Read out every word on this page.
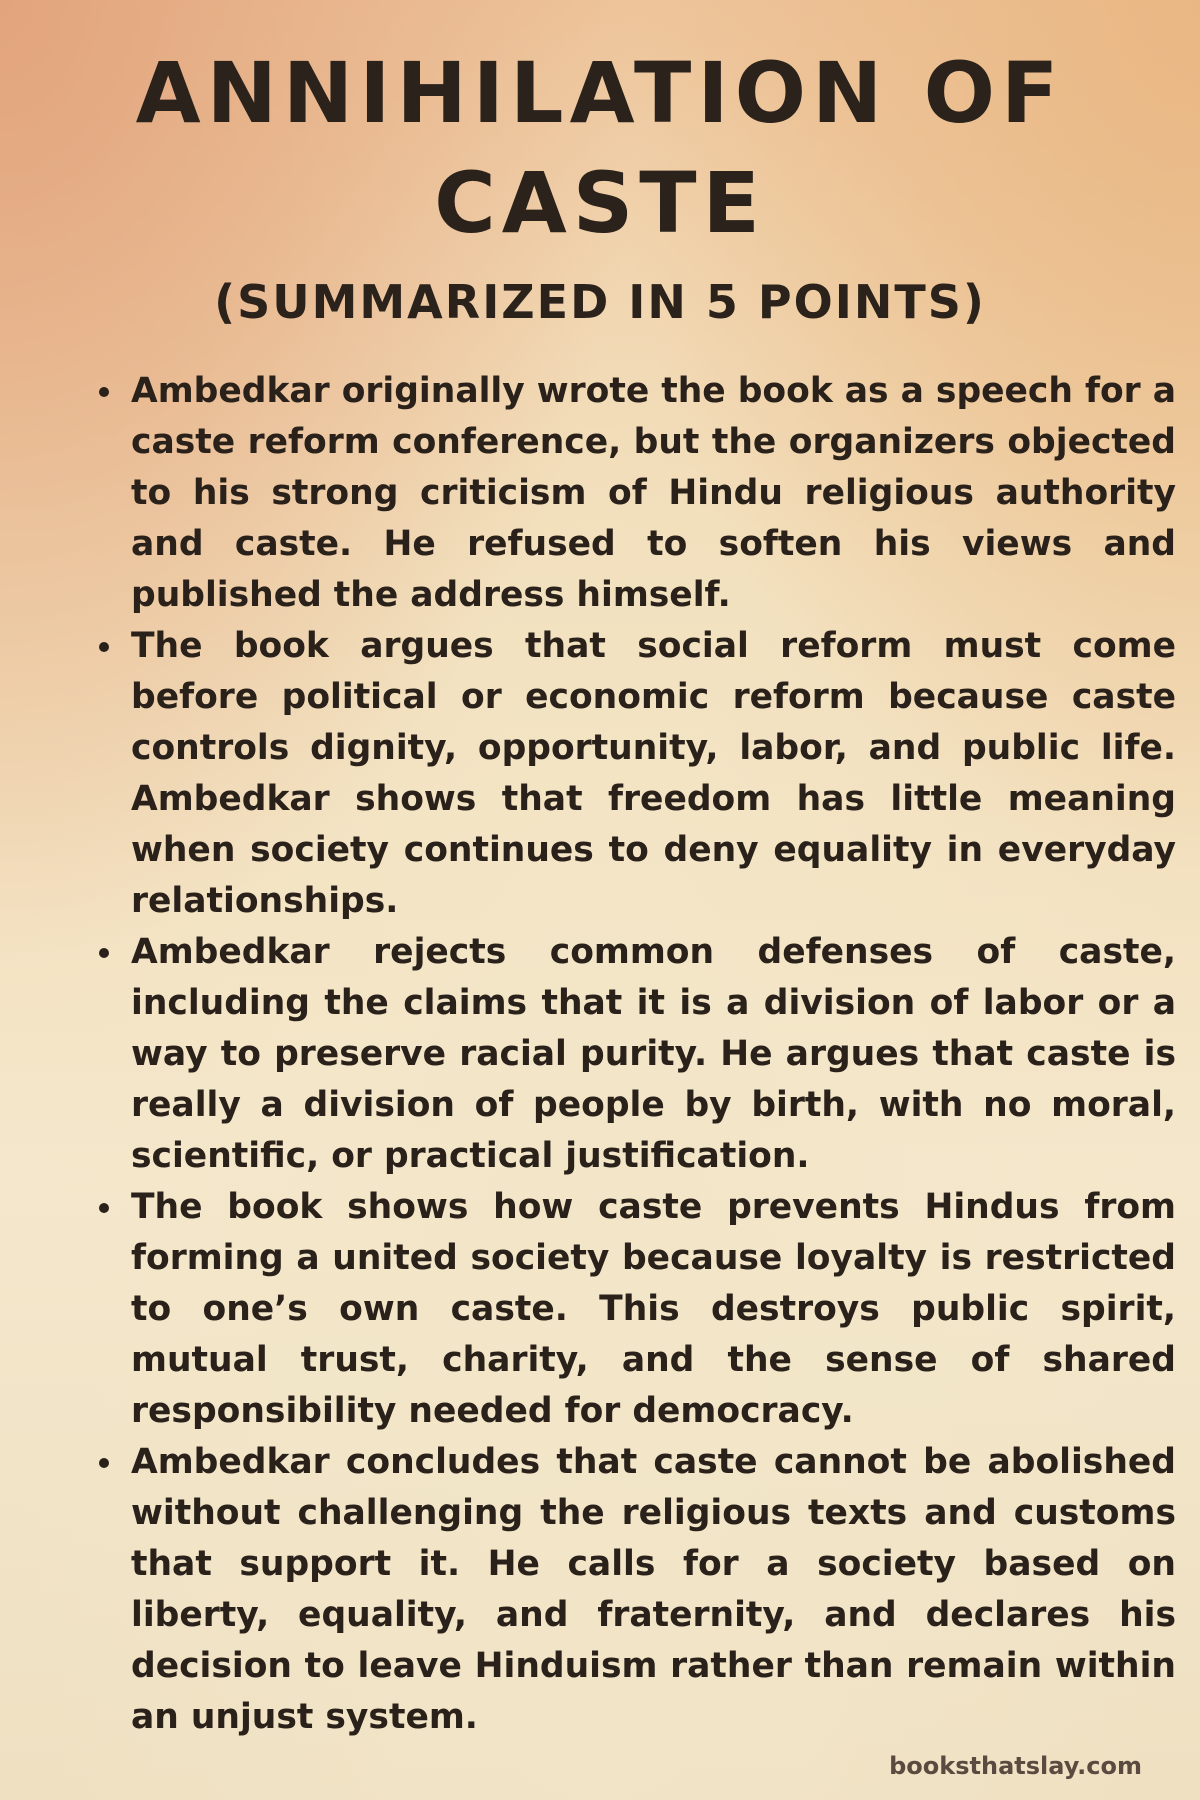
ANNIHILATION OF
CASTE
(SUMMARIZED IN 5 POINTS)
Ambedkar originally wrote the book as a speech for a caste reform conference, but the organizers objected to his strong criticism of Hindu religious authority and caste. He refused to soften his views and published the address himself.
The book argues that social reform must come before political or economic reform because caste controls dignity, opportunity, labor, and public life. Ambedkar shows that freedom has little meaning when society continues to deny equality in everyday relationships.
Ambedkar rejects common defenses of caste, including the claims that it is a division of labor or a way to preserve racial purity. He argues that caste is really a division of people by birth, with no moral, scientific, or practical justification.
The book shows how caste prevents Hindus from forming a united society because loyalty is restricted to one’s own caste. This destroys public spirit, mutual trust, charity, and the sense of shared responsibility needed for democracy.
Ambedkar concludes that caste cannot be abolished without challenging the religious texts and customs that support it. He calls for a society based on liberty, equality, and fraternity, and declares his decision to leave Hinduism rather than remain within an unjust system.
booksthatslay.com
